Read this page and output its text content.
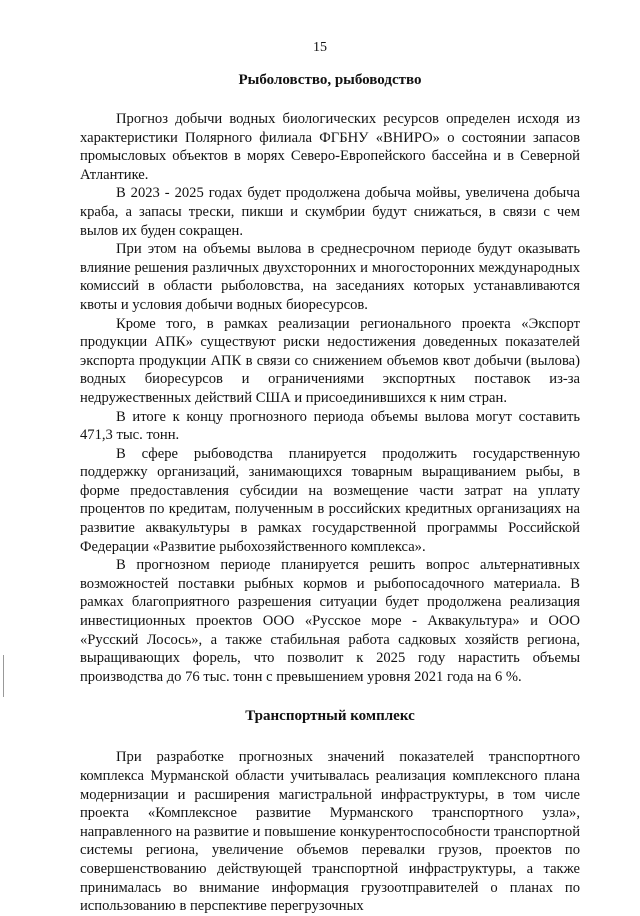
15
Рыболовство, рыбоводство

Прогноз добычи водных биологических ресурсов определен исходя из характеристики Полярного филиала ФГБНУ «ВНИРО» о состоянии запасов промысловых объектов в морях Северо-Европейского бассейна и в Северной Атлантике.

В 2023 - 2025 годах будет продолжена добыча мойвы, увеличена добыча краба, а запасы трески, пикши и скумбрии будут снижаться, в связи с чем вылов их буден сокращен.

При этом на объемы вылова в среднесрочном периоде будут оказывать влияние решения различных двухсторонних и многосторонних международных комиссий в области рыболовства, на заседаниях которых устанавливаются квоты и условия добычи водных биоресурсов.

Кроме того, в рамках реализации регионального проекта «Экспорт продукции АПК» существуют риски недостижения доведенных показателей экспорта продукции АПК в связи со снижением объемов квот добычи (вылова) водных биоресурсов и ограничениями экспортных поставок из-за недружественных действий США и присоединившихся к ним стран.

В итоге к концу прогнозного периода объемы вылова могут составить 471,3 тыс. тонн.

В сфере рыбоводства планируется продолжить государственную поддержку организаций, занимающихся товарным выращиванием рыбы, в форме предоставления субсидии на возмещение части затрат на уплату процентов по кредитам, полученным в российских кредитных организациях на развитие аквакультуры в рамках государственной программы Российской Федерации «Развитие рыбохозяйственного комплекса».

В прогнозном периоде планируется решить вопрос альтернативных возможностей поставки рыбных кормов и рыбопосадочного материала. В рамках благоприятного разрешения ситуации будет продолжена реализация инвестиционных проектов ООО «Русское море - Аквакультура» и ООО «Русский Лосось», а также стабильная работа садковых хозяйств региона, выращивающих форель, что позволит к 2025 году нарастить объемы производства до 76 тыс. тонн с превышением уровня 2021 года на 6 %.

Транспортный комплекс

При разработке прогнозных значений показателей транспортного комплекса Мурманской области учитывалась реализация комплексного плана модернизации и расширения магистральной инфраструктуры, в том числе проекта «Комплексное развитие Мурманского транспортного узла», направленного на развитие и повышение конкурентоспособности транспортной системы региона, увеличение объемов перевалки грузов, проектов по совершенствованию действующей транспортной инфраструктуры, а также принималась во внимание информация грузоотправителей о планах по использованию в перспективе перегрузочных
